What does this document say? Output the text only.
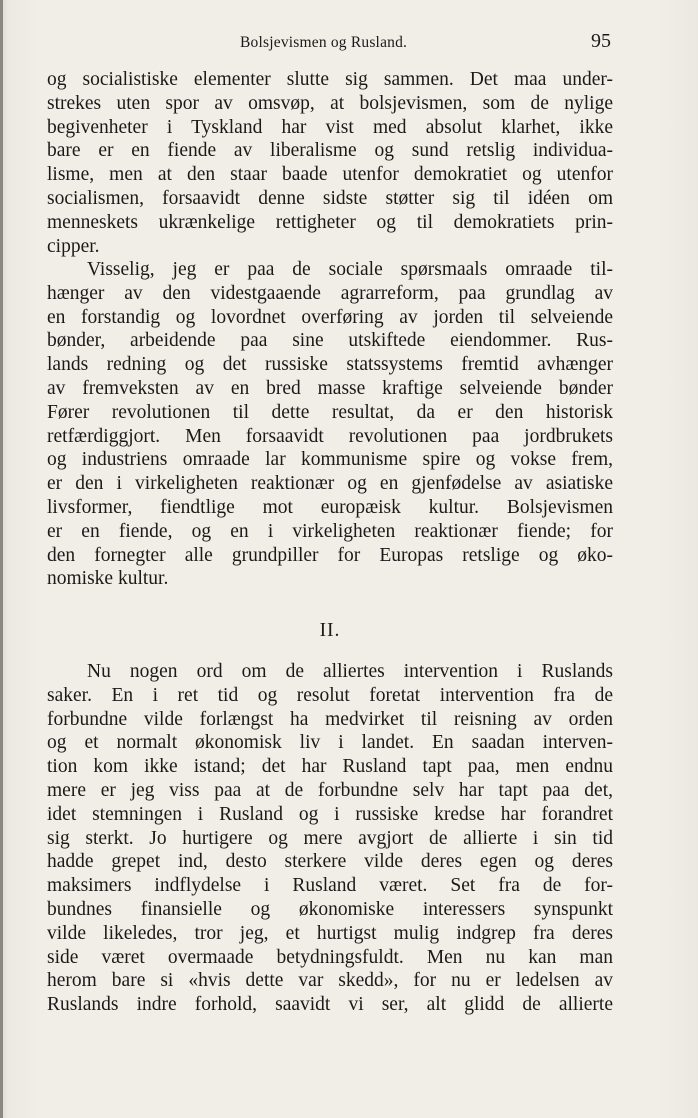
Bolsjevismen og Rusland.	95
og socialistiske elementer slutte sig sammen. Det maa under-
strekes uten spor av omsvøp, at bolsjevismen, som de nylige
begivenheter i Tyskland har vist med absolut klarhet, ikke
bare er en fiende av liberalisme og sund retslig individua-
lisme, men at den staar baade utenfor demokratiet og utenfor
socialismen, forsaavidt denne sidste støtter sig til idéen om
menneskets ukrænkelige rettigheter og til demokratiets prin-
cipper.
Visselig, jeg er paa de sociale spørsmaals omraade til-
hænger av den videstgaaende agrarreform, paa grundlag av
en forstandig og lovordnet overføring av jorden til selveiende
bønder, arbeidende paa sine utskiftede eiendommer. Rus-
lands redning og det russiske statssystems fremtid avhænger
av fremveksten av en bred masse kraftige selveiende bønder
Fører revolutionen til dette resultat, da er den historisk
retfærdiggjort. Men forsaavidt revolutionen paa jordbrukets
og industriens omraade lar kommunisme spire og vokse frem,
er den i virkeligheten reaktionær og en gjenfødelse av asiatiske
livsformer, fiendtlige mot europæisk kultur. Bolsjevismen
er en fiende, og en i virkeligheten reaktionær fiende; for
den fornegter alle grundpiller for Europas retslige og øko-
nomiske kultur.
II.
Nu nogen ord om de alliertes intervention i Ruslands
saker. En i ret tid og resolut foretat intervention fra de
forbundne vilde forlængst ha medvirket til reisning av orden
og et normalt økonomisk liv i landet. En saadan interven-
tion kom ikke istand; det har Rusland tapt paa, men endnu
mere er jeg viss paa at de forbundne selv har tapt paa det,
idet stemningen i Rusland og i russiske kredse har forandret
sig sterkt. Jo hurtigere og mere avgjort de allierte i sin tid
hadde grepet ind, desto sterkere vilde deres egen og deres
maksimers indflydelse i Rusland været. Set fra de for-
bundnes finansielle og økonomiske interessers synspunkt
vilde likeledes, tror jeg, et hurtigst mulig indgrep fra deres
side været overmaade betydningsfuldt. Men nu kan man
herom bare si «hvis dette var skedd», for nu er ledelsen av
Ruslands indre forhold, saavidt vi ser, alt glidd de allierte
